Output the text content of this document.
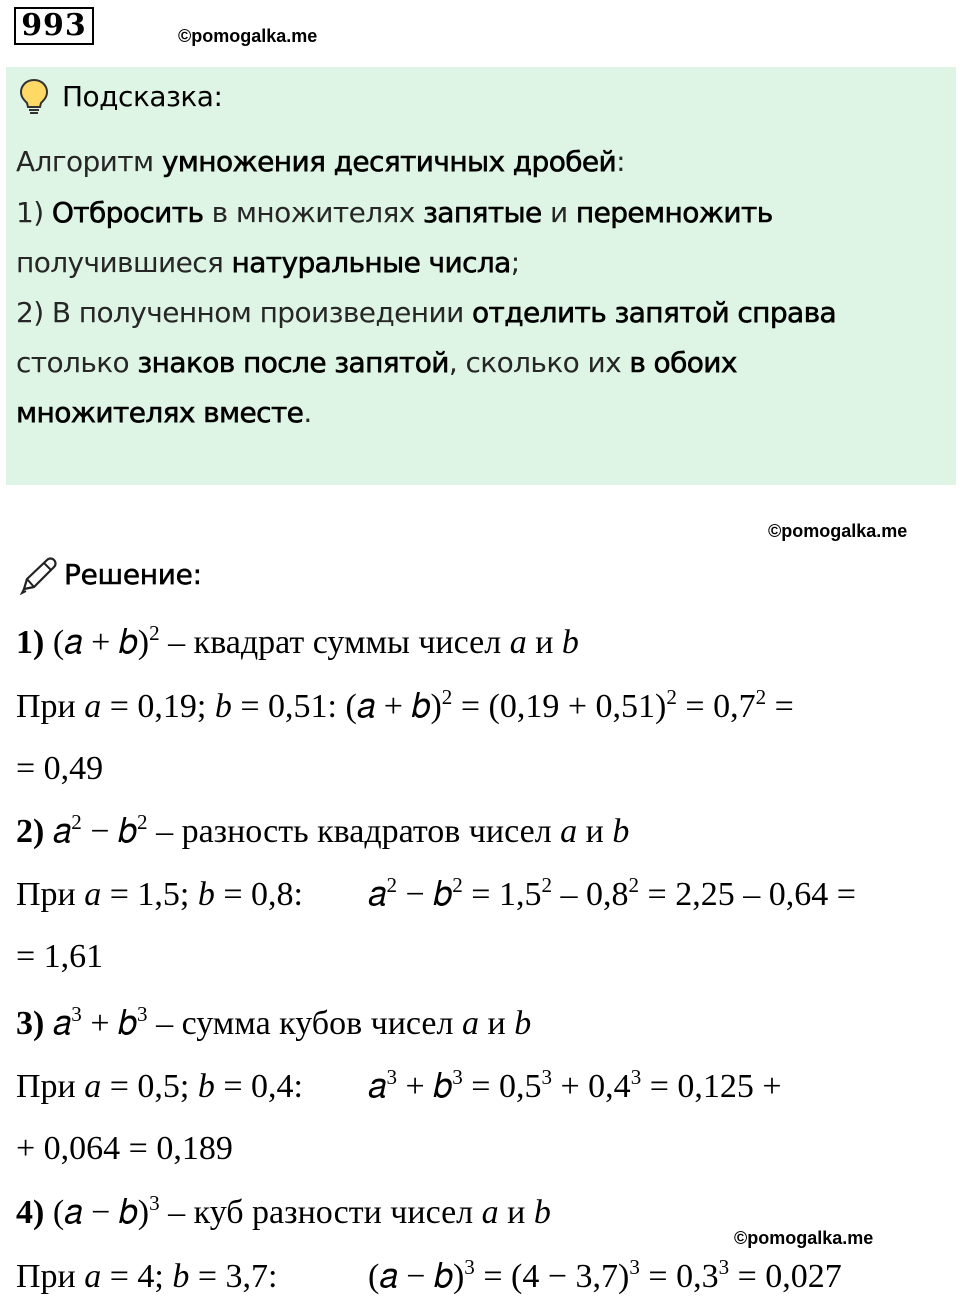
993	©pomogalka.me
Подсказка:
Алгоритм умножения десятичных дробей:
1) Отбросить в множителях запятые и перемножить
получившиеся натуральные числа;
2) В полученном произведении отделить запятой справа
столько знаков после запятой, сколько их в обоих
множителях вместе.
©pomogalka.me
Решение:
1) (𝑎 + 𝑏)$^2$ – квадрат суммы чисел a и b
При a = 0,19; b = 0,51: (𝑎 + 𝑏)$^2$ = $(0,19 + 0,51)^2 = 0,7^2$ =
= 0,49
2) 𝑎$^2$ − 𝑏$^2$ – разность квадратов чисел a и b
При a = 1,5; b = 0,8: 𝑎$^2$ − 𝑏$^2$ = $1,5^2 - 0,8^2 = 2,25 - 0,64$ =
= 1,61
3) 𝑎$^3$ + 𝑏$^3$ – сумма кубов чисел a и b
При a = 0,5; b = 0,4: 𝑎$^3$ + 𝑏$^3$ = $0,5^3 + 0,4^3 = 0,125$ +
+ 0,064 = 0,189
4) (𝑎 − 𝑏)$^3$ – куб разности чисел a и b
©pomogalka.me
При a = 4; b = 3,7:	(𝑎 − 𝑏)$^3$ = $(4 - 3,7)^3 = 0,3^3 = 0,027$
